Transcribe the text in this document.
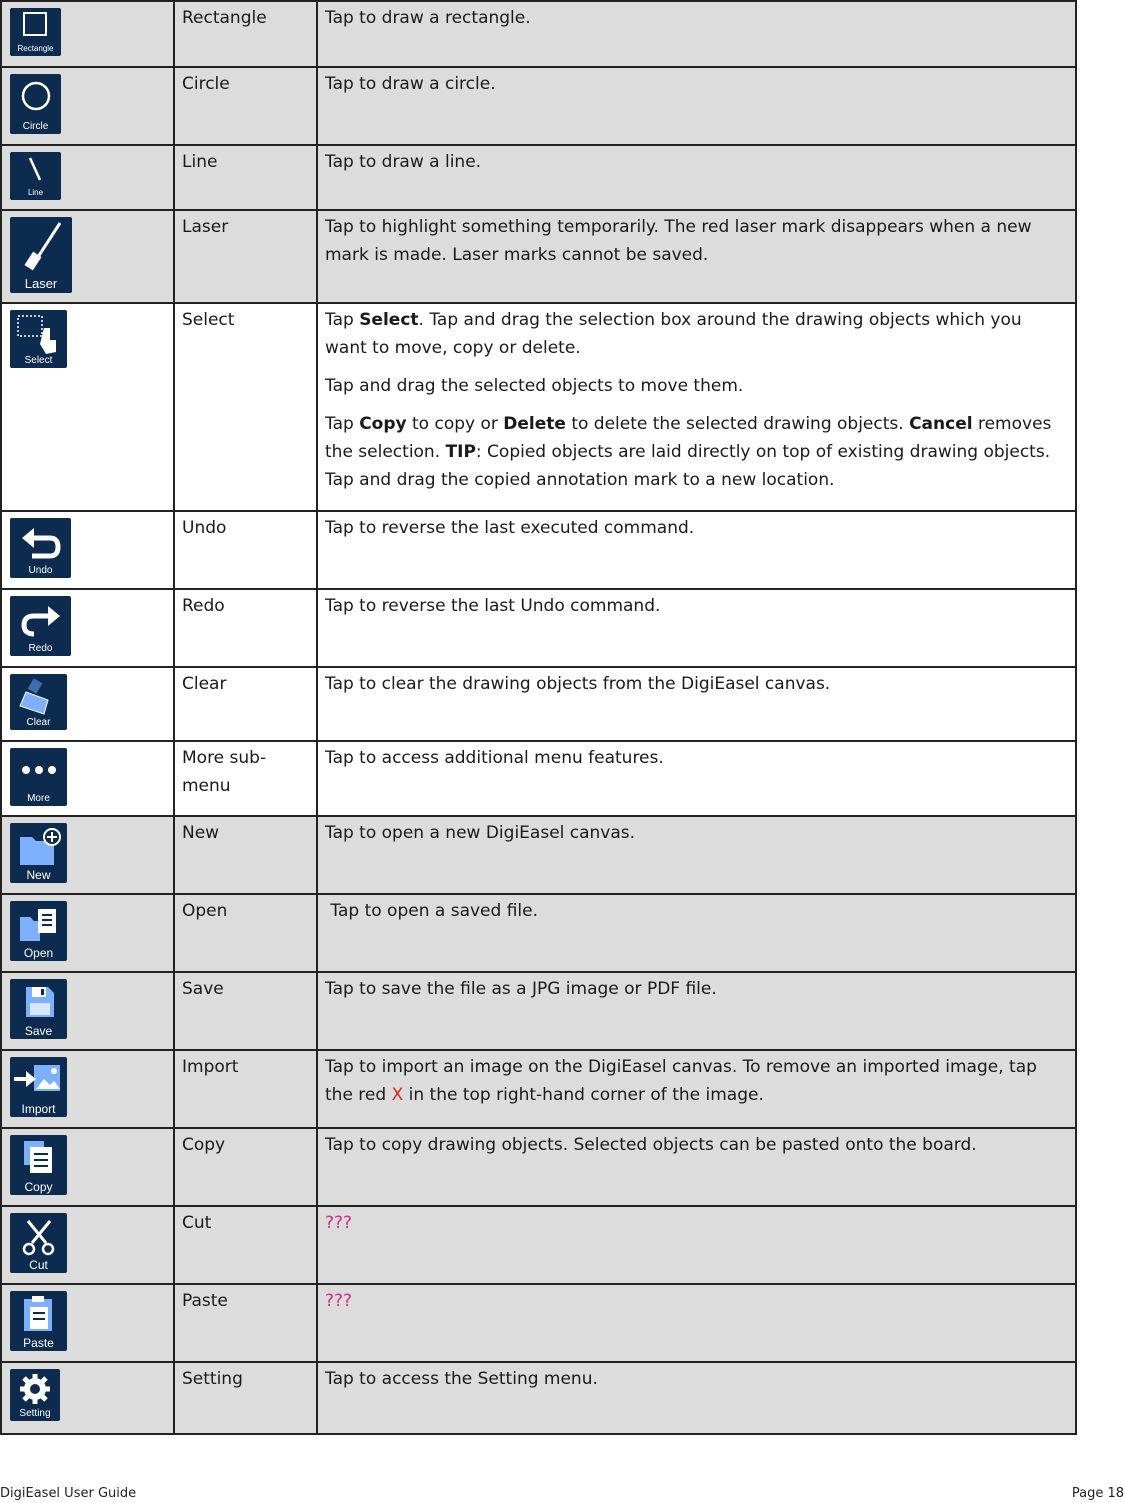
Rectangle	Rectangle	Tap to draw a rectangle.

Circle	Circle	Tap to draw a circle.

Line	Line	Tap to draw a line.

Laser	Laser	Tap to highlight something temporarily. The red laser mark disappears when a new mark is made. Laser marks cannot be saved.

Select	Select	Tap Select. Tap and drag the selection box around the drawing objects which you want to move, copy or delete.
Tap and drag the selected objects to move them.
Tap Copy to copy or Delete to delete the selected drawing objects. Cancel removes the selection. TIP: Copied objects are laid directly on top of existing drawing objects. Tap and drag the copied annotation mark to a new location.

Undo	Undo	Tap to reverse the last executed command.

Redo	Redo	Tap to reverse the last Undo command.

Clear	Clear	Tap to clear the drawing objects from the DigiEasel canvas.

More	More sub-menu	Tap to access additional menu features.

New	New	Tap to open a new DigiEasel canvas.

Open	Open	Tap to open a saved file.

Save	Save	Tap to save the file as a JPG image or PDF file.

Import	Import	Tap to import an image on the DigiEasel canvas. To remove an imported image, tap the red X in the top right-hand corner of the image.

Copy	Copy	Tap to copy drawing objects. Selected objects can be pasted onto the board.

Cut	Cut	???

Paste	Paste	???

Setting	Setting	Tap to access the Setting menu.
DigiEasel User Guide	Page 18
